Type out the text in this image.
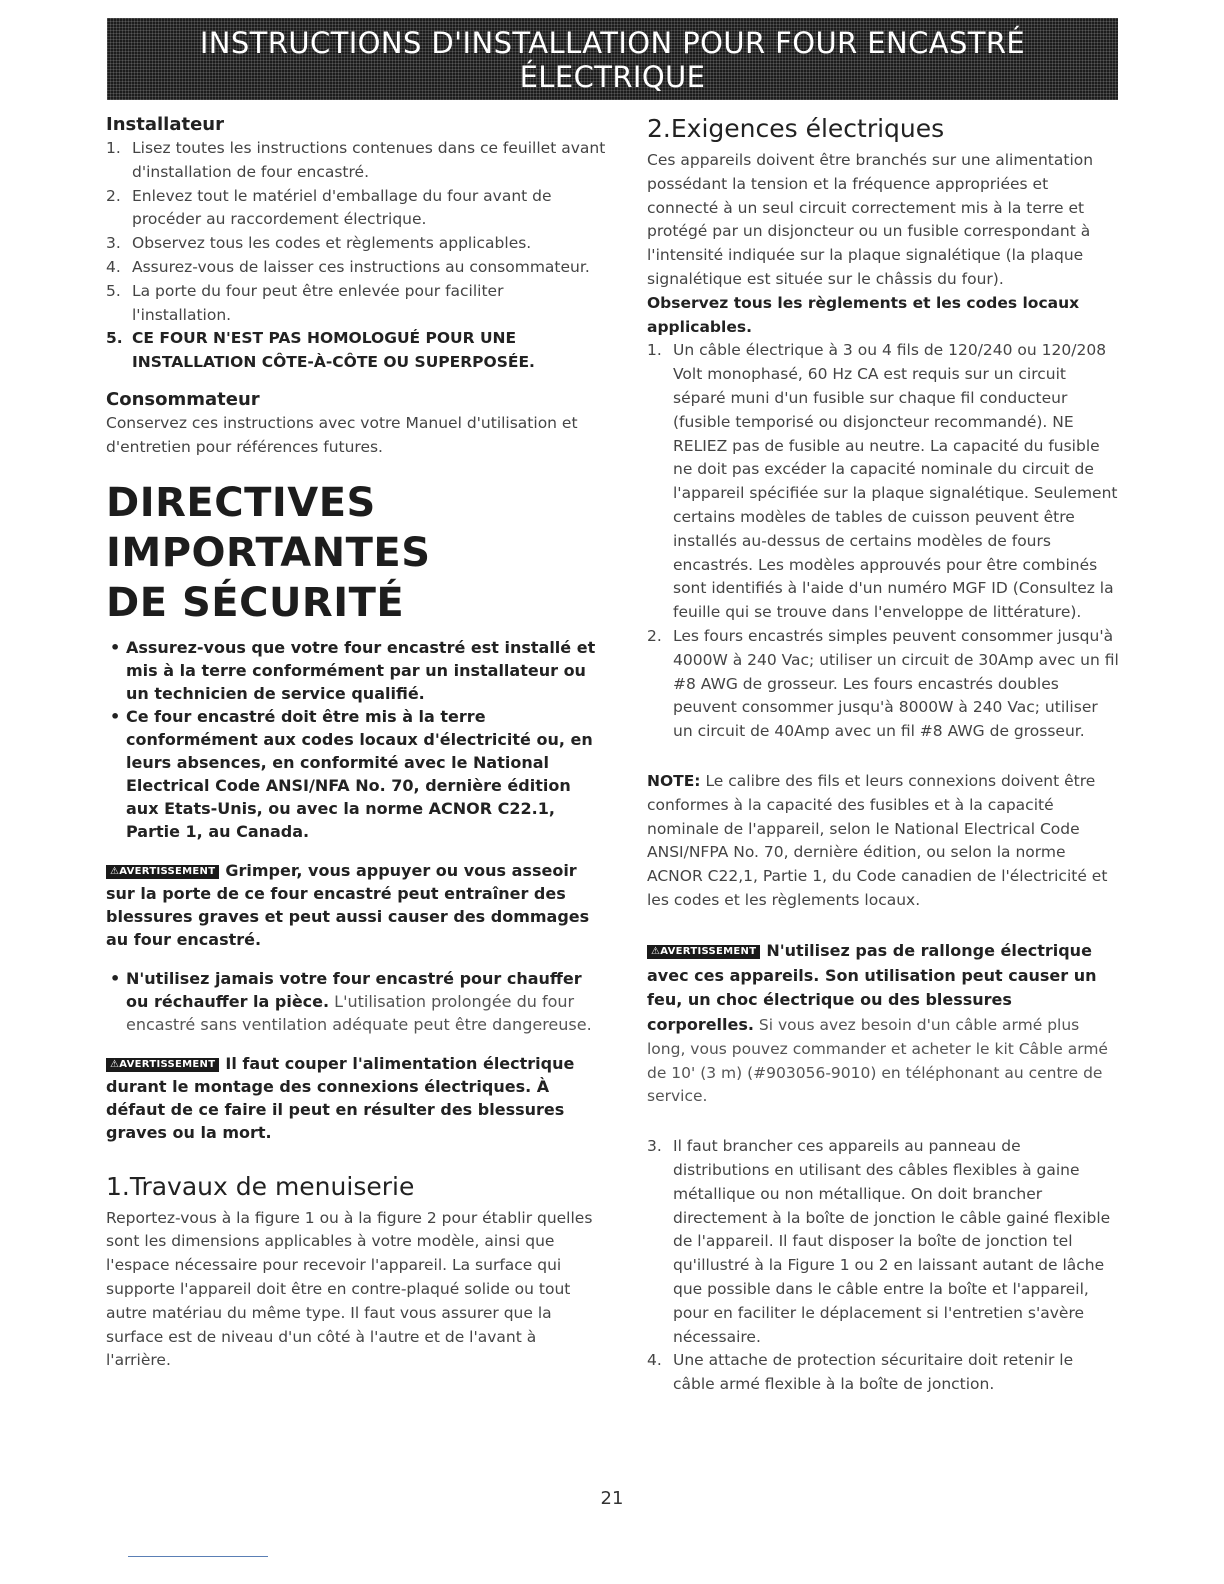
INSTRUCTIONS D'INSTALLATION POUR FOUR ENCASTRÉ ÉLECTRIQUE
(Combiné à une table de cuisson électrique ou à gaz (en option))
Installateur
1. Lisez toutes les instructions contenues dans ce feuillet avant d'installation de four encastré.
2. Enlevez tout le matériel d'emballage du four avant de procéder au raccordement électrique.
3. Observez tous les codes et règlements applicables.
4. Assurez-vous de laisser ces instructions au consommateur.
5. La porte du four peut être enlevée pour faciliter l'installation.
5. CE FOUR N'EST PAS HOMOLOGUÉ POUR UNE INSTALLATION CÔTE-À-CÔTE OU SUPERPOSÉE.
Consommateur

Conservez ces instructions avec votre Manuel d'utilisation et d'entretien pour références futures.

DIRECTIVES IMPORTANTES
DE SÉCURITÉ
• Assurez-vous que votre four encastré est installé et mis à la terre conformément par un installateur ou un technicien de service qualifié.
• Ce four encastré doit être mis à la terre conformément aux codes locaux d'électricité ou, en leurs absences, en conformité avec le National Electrical Code ANSI/NFA No. 70, dernière édition aux Etats-Unis, ou avec la norme ACNOR C22.1, Partie 1, au Canada.
⚠AVERTISSEMENT Grimper, vous appuyer ou vous asseoir sur la porte de ce four encastré peut entraîner des blessures graves et peut aussi causer des dommages au four encastré.
• N'utilisez jamais votre four encastré pour chauffer ou réchauffer la pièce. L'utilisation prolongée du four encastré sans ventilation adéquate peut être dangereuse.
⚠AVERTISSEMENT Il faut couper l'alimentation électrique durant le montage des connexions électriques. À défaut de ce faire il peut en résulter des blessures graves ou la mort.
1.Travaux de menuiserie

Reportez-vous à la figure 1 ou à la figure 2 pour établir quelles sont les dimensions applicables à votre modèle, ainsi que l'espace nécessaire pour recevoir l'appareil. La surface qui supporte l'appareil doit être en contre-plaqué solide ou tout autre matériau du même type. Il faut vous assurer que la surface est de niveau d'un côté à l'autre et de l'avant à l'arrière.

2.Exigences électriques

Ces appareils doivent être branchés sur une alimentation possédant la tension et la fréquence appropriées et connecté à un seul circuit correctement mis à la terre et protégé par un disjoncteur ou un fusible correspondant à l'intensité indiquée sur la plaque signalétique (la plaque signalétique est située sur le châssis du four).

Observez tous les règlements et les codes locaux applicables.

1. Un câble électrique à 3 ou 4 fils de 120/240 ou 120/208 Volt monophasé, 60 Hz CA est requis sur un circuit séparé muni d'un fusible sur chaque fil conducteur (fusible temporisé ou disjoncteur recommandé). NE RELIEZ pas de fusible au neutre. La capacité du fusible ne doit pas excéder la capacité nominale du circuit de l'appareil spécifiée sur la plaque signalétique. Seulement certains modèles de tables de cuisson peuvent être installés au-dessus de certains modèles de fours encastrés. Les modèles approuvés pour être combinés sont identifiés à l'aide d'un numéro MGF ID (Consultez la feuille qui se trouve dans l'enveloppe de littérature).
2. Les fours encastrés simples peuvent consommer jusqu'à 4000W à 240 Vac; utiliser un circuit de 30Amp avec un fil #8 AWG de grosseur. Les fours encastrés doubles peuvent consommer jusqu'à 8000W à 240 Vac; utiliser un circuit de 40Amp avec un fil #8 AWG de grosseur.

NOTE: Le calibre des fils et leurs connexions doivent être conformes à la capacité des fusibles et à la capacité nominale de l'appareil, selon le National Electrical Code ANSI/NFPA No. 70, dernière édition, ou selon la norme ACNOR C22,1, Partie 1, du Code canadien de l'électricité et les codes et les règlements locaux.

⚠AVERTISSEMENT N'utilisez pas de rallonge électrique avec ces appareils. Son utilisation peut causer un feu, un choc électrique ou des blessures corporelles. Si vous avez besoin d'un câble armé plus long, vous pouvez commander et acheter le kit Câble armé de 10' (3 m) (#903056-9010) en téléphonant au centre de service.

3. Il faut brancher ces appareils au panneau de distributions en utilisant des câbles flexibles à gaine métallique ou non métallique. On doit brancher directement à la boîte de jonction le câble gainé flexible de l'appareil. Il faut disposer la boîte de jonction tel qu'illustré à la Figure 1 ou 2 en laissant autant de lâche que possible dans le câble entre la boîte et l'appareil, pour en faciliter le déplacement si l'entretien s'avère nécessaire.
4. Une attache de protection sécuritaire doit retenir le câble armé flexible à la boîte de jonction.
21
